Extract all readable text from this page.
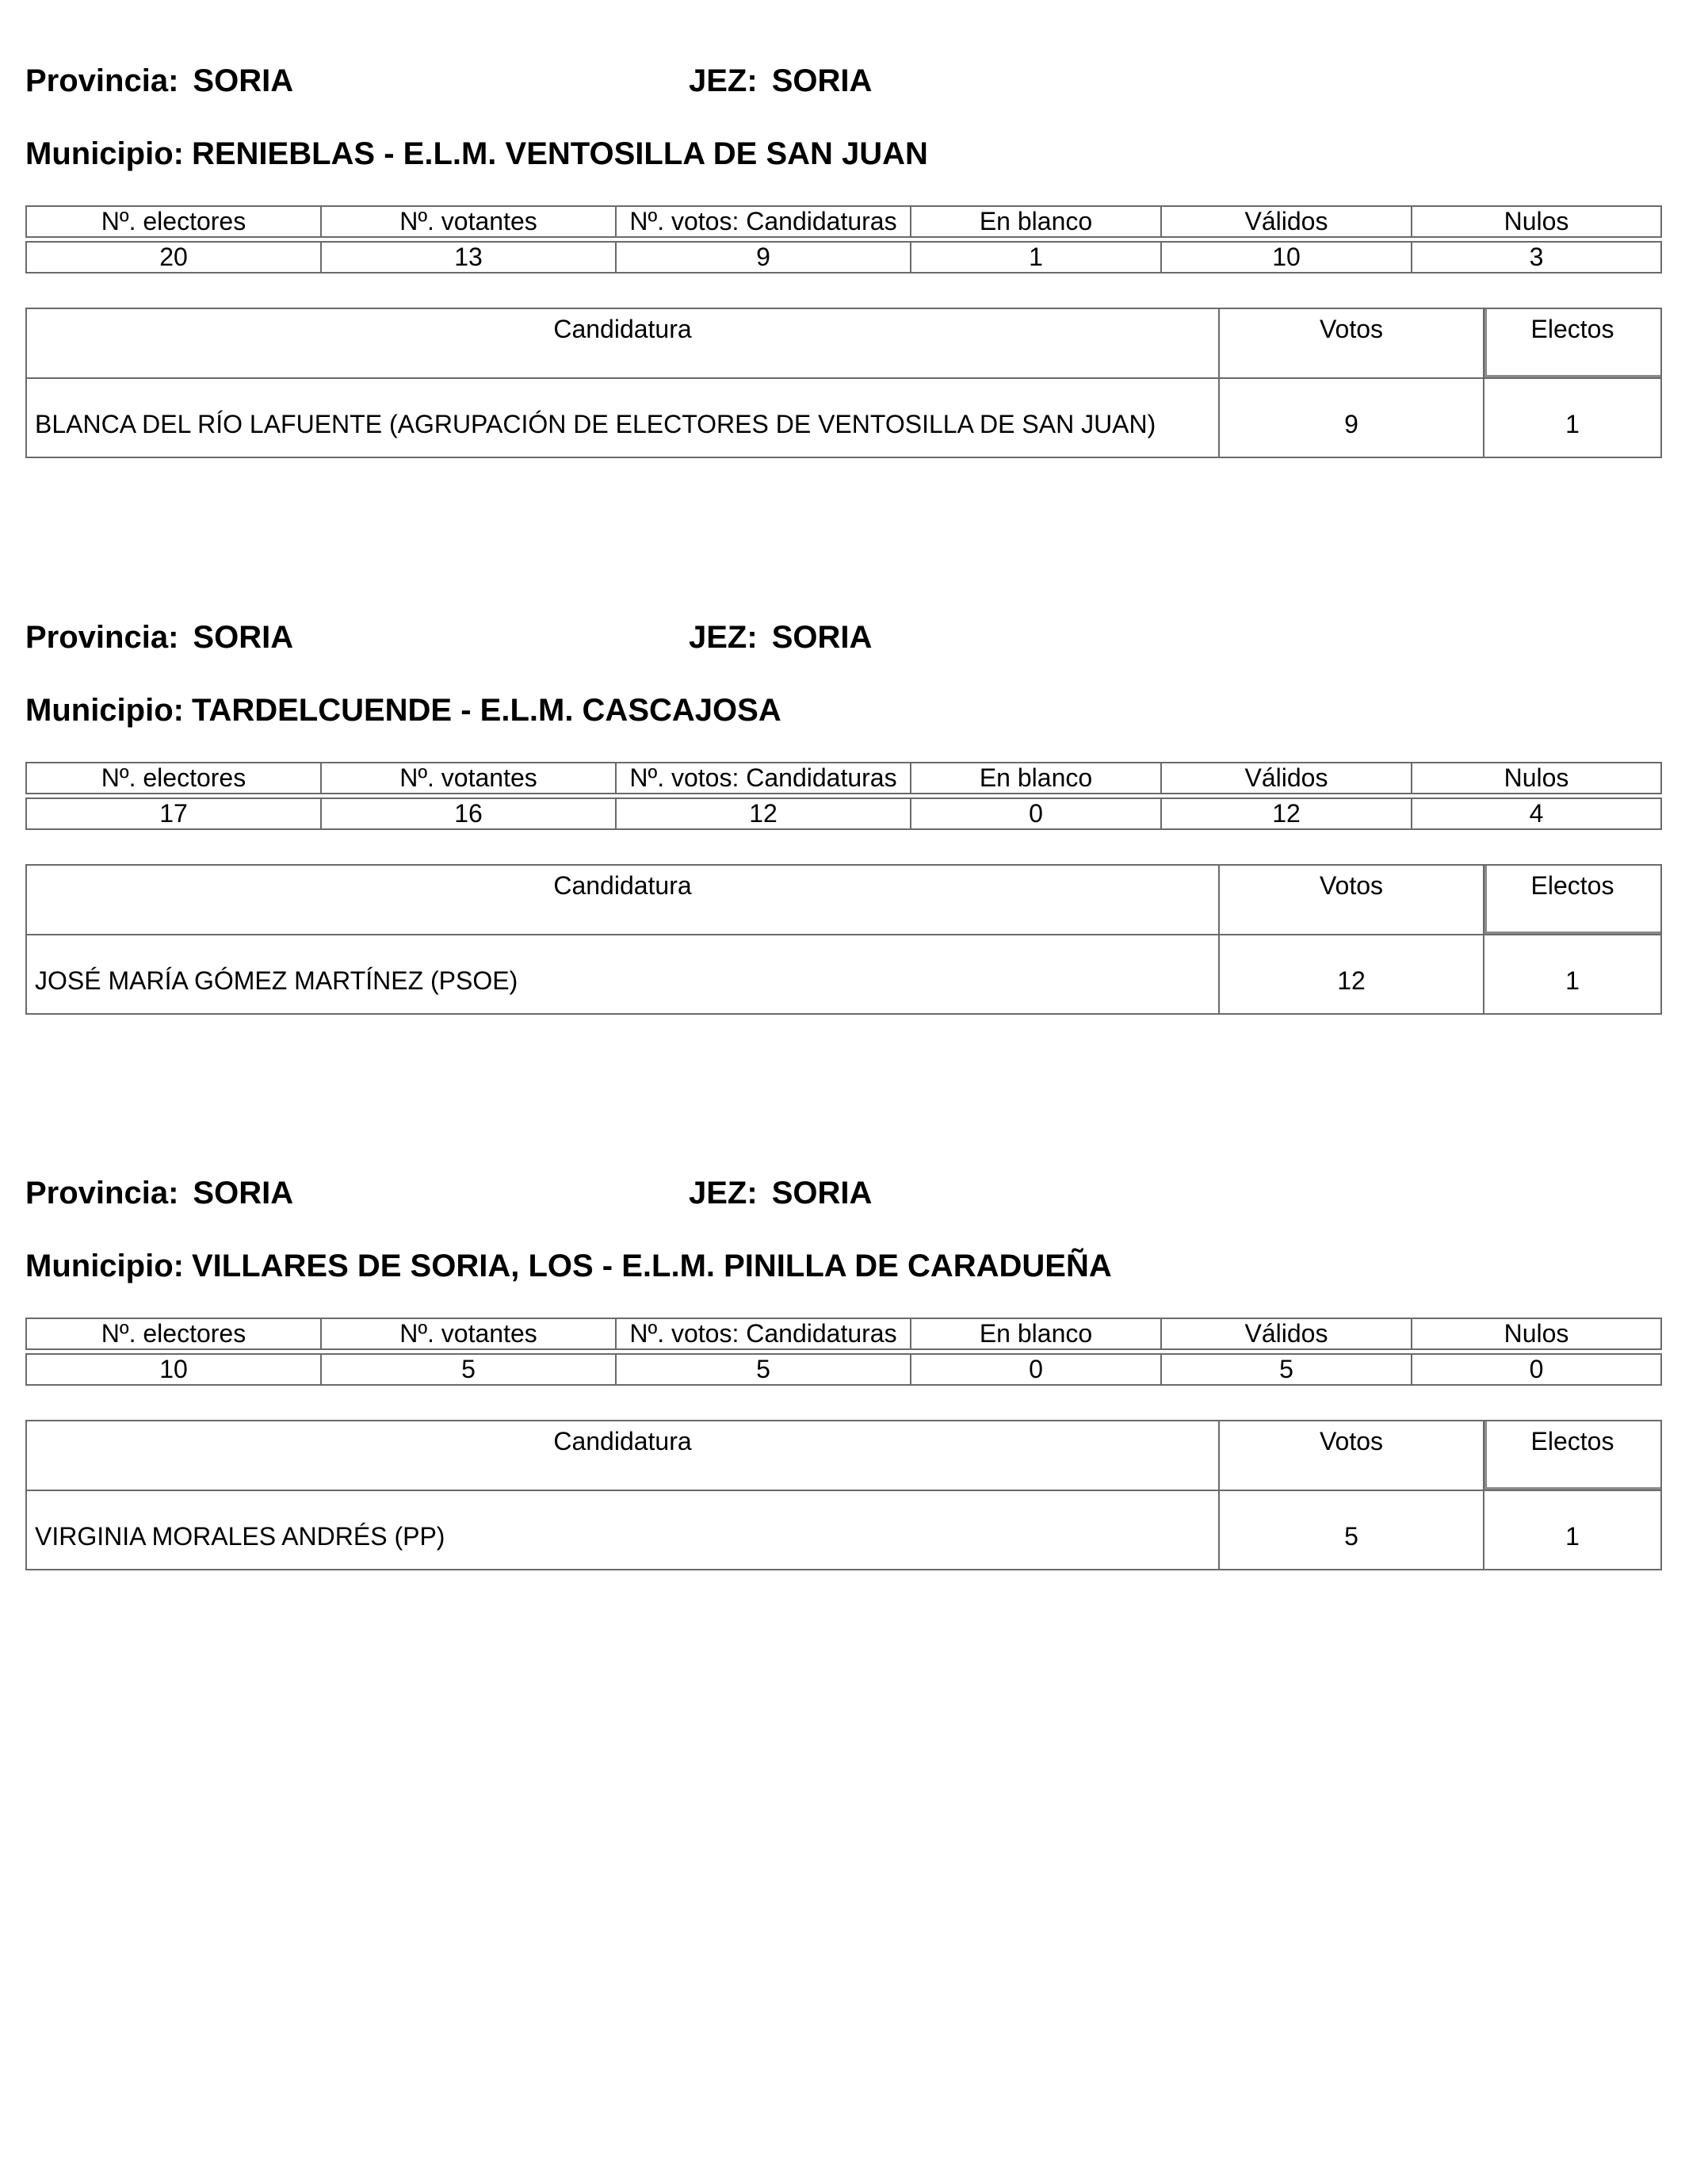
Provincia: SORIA	JEZ: SORIA
Municipio: RENIEBLAS - E.L.M. VENTOSILLA DE SAN JUAN
Nº. electores	Nº. votantes	Nº. votos: Candidaturas	En blanco	Válidos	Nulos

20	13	9	1	10	3
Candidatura	Votos	Electos
BLANCA DEL RÍO LAFUENTE (AGRUPACIÓN DE ELECTORES DE VENTOSILLA DE SAN JUAN)	9	1
Provincia: SORIA	JEZ: SORIA
Municipio: TARDELCUENDE - E.L.M. CASCAJOSA
Nº. electores	Nº. votantes	Nº. votos: Candidaturas	En blanco	Válidos	Nulos

17	16	12	0	12	4
Candidatura	Votos	Electos
JOSÉ MARÍA GÓMEZ MARTÍNEZ (PSOE)	12	1
Provincia: SORIA	JEZ: SORIA
Municipio: VILLARES DE SORIA, LOS - E.L.M. PINILLA DE CARADUEÑA
Nº. electores	Nº. votantes	Nº. votos: Candidaturas	En blanco	Válidos	Nulos

10	5	5	0	5	0
Candidatura	Votos	Electos
VIRGINIA MORALES ANDRÉS (PP)	5	1
